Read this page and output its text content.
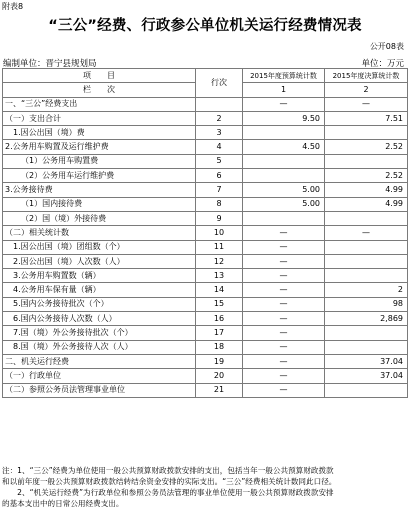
附表8
“三公”经费、行政参公单位机关运行经费情况表
公开08表
编制单位：晋宁县规划局	单位：万元
项　　目	行次	2015年度预算统计数	2015年度决算统计数
栏　　次		1	2
一、“三公”经费支出		—	—
（一）支出合计	2	9.50	7.51
1.因公出国（境）费	3		
2.公务用车购置及运行维护费	4	4.50	2.52
（1）公务用车购置费	5		
（2）公务用车运行维护费	6		2.52
3.公务接待费	7	5.00	4.99
（1）国内接待费	8	5.00	4.99
（2）国（境）外接待费	9		
（二）相关统计数	10	—	—
1.因公出国（境）团组数（个）	11	—	
2.因公出国（境）人次数（人）	12	—	
3.公务用车购置数（辆）	13	—	
4.公务用车保有量（辆）	14	—	2
5.国内公务接待批次（个）	15	—	98
6.国内公务接待人次数（人）	16	—	2,869
7.国（境）外公务接待批次（个）	17	—	
8.国（境）外公务接待人次（人）	18	—	
二、机关运行经费	19	—	37.04
（一）行政单位	20	—	37.04
（二）参照公务员法管理事业单位	21	—	

注：1、“三公”经费为单位使用一般公共预算财政拨款安排的支出，包括当年一般公共预算财政拨款

和以前年度一般公共预算财政拨款结转结余资金安排的实际支出。“三公”经费相关统计数同此口径。

　　2、“机关运行经费”为行政单位和参照公务员法管理的事业单位使用一般公共预算财政拨款安排

的基本支出中的日常公用经费支出。
